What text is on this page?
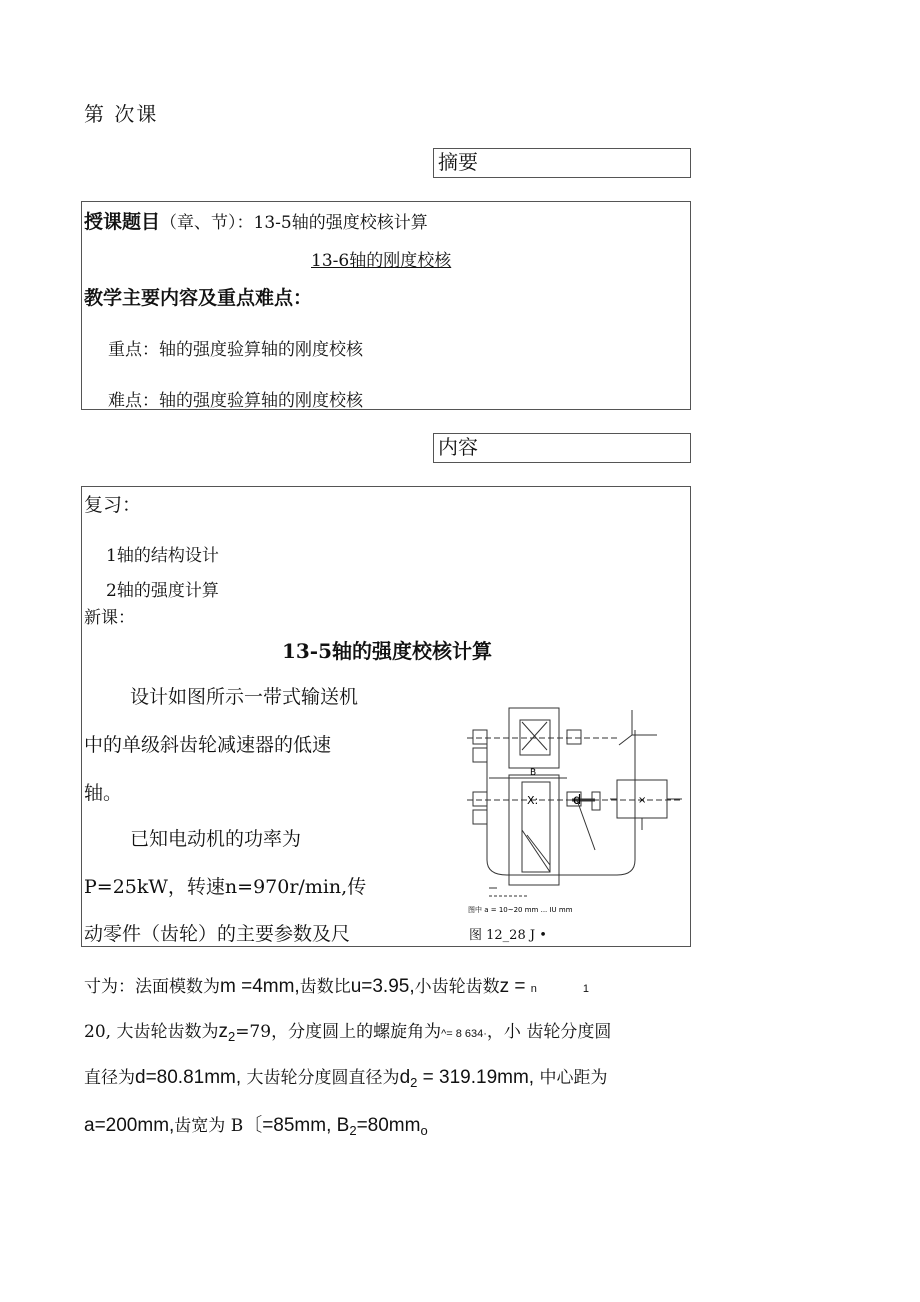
第 次课
摘要
授课题目（章、节）：13-5轴的强度校核计算
13-6轴的刚度校核
教学主要内容及重点难点：
重点：轴的强度验算轴的刚度校核
难点：轴的强度验算轴的刚度校核
内容
复习：
1轴的结构设计
2轴的强度计算
新课：
13-5轴的强度校核计算
设计如图所示一带式输送机
中的单级斜齿轮减速器的低速
轴。
已知电动机的功率为
P=25kW，转速n=970r/min,传
动零件（齿轮）的主要参数及尺
X:	d	×
B
图中 a = 10~20 mm ... IU mm
图 12_28 J •
寸为：法面模数为m =4mm,齿数比u=3.95,小齿轮齿数z = n	1
20, 大齿轮齿数为$z_2=79$，分度圆上的螺旋角为^= 8 634·，小 齿轮分度圆
直径为d=80.81mm, 大齿轮分度圆直径为$d_2 = 319.19mm$, 中心距为
a=200mm,齿宽为 B〔=85mm, $B_2=80mm_o$
